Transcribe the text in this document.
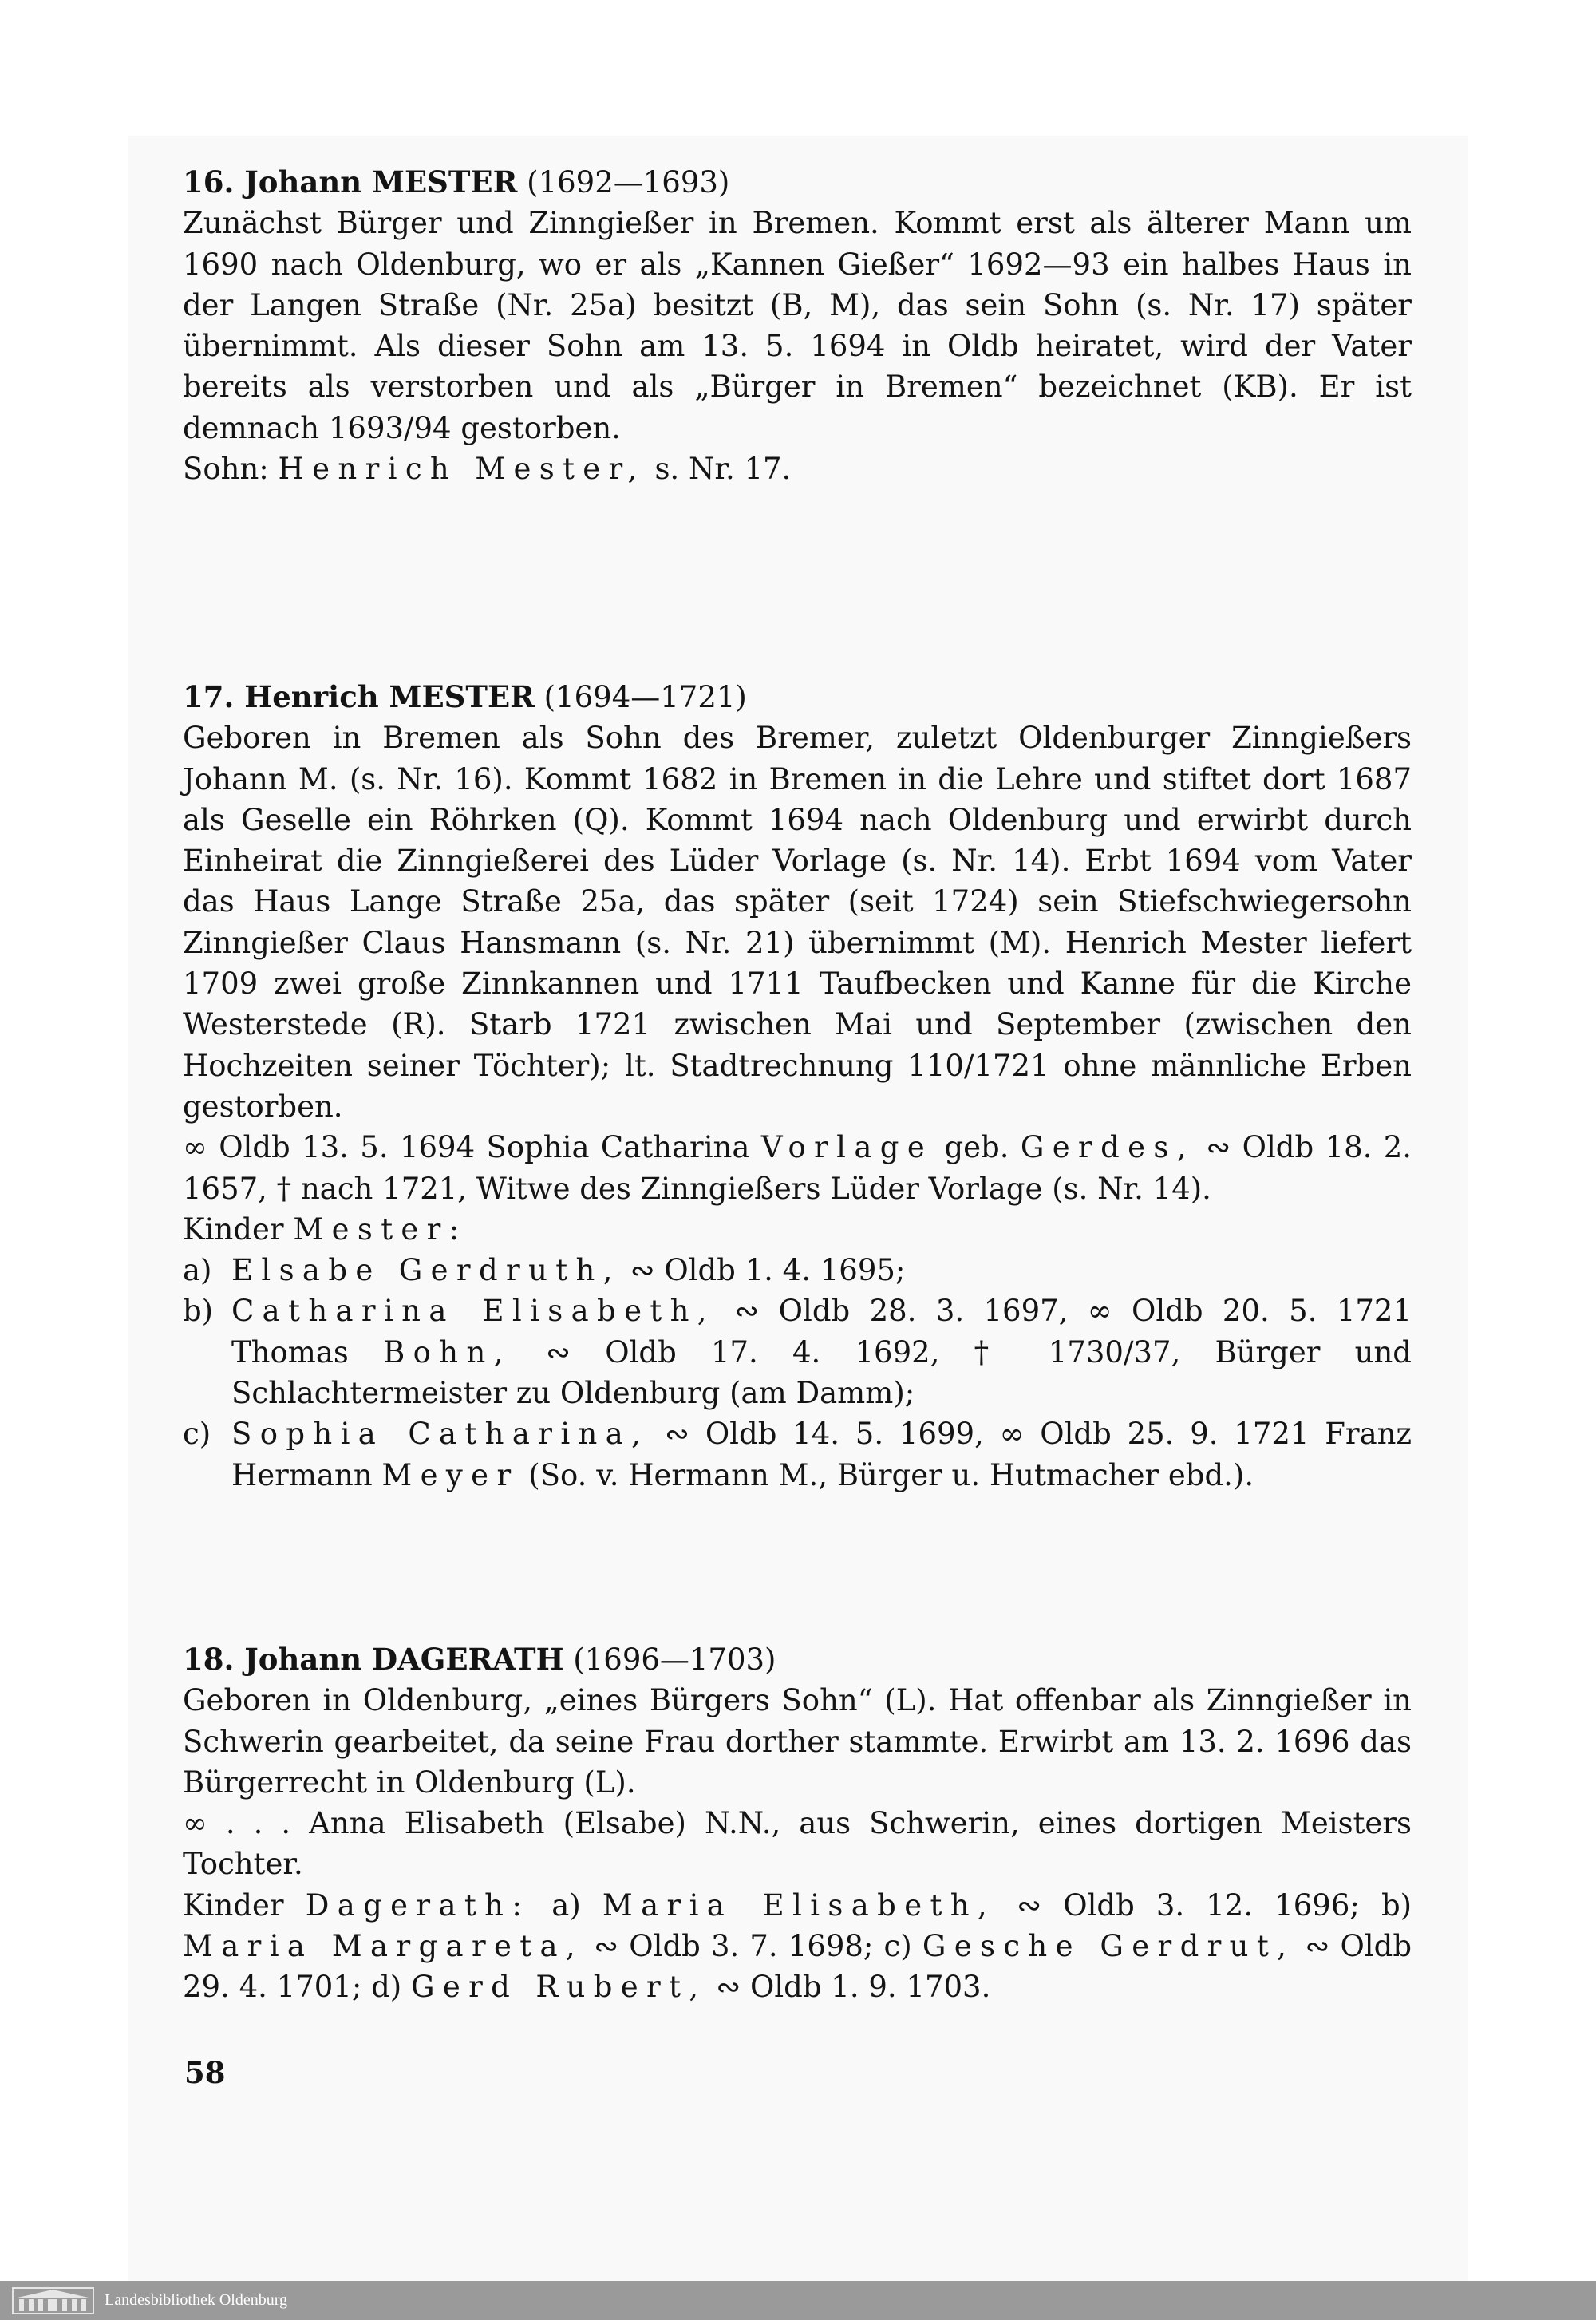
16. Johann MESTER (1692—1693)

Zunächst Bürger und Zinngießer in Bremen. Kommt erst als älterer Mann um 1690 nach Oldenburg, wo er als „Kannen Gießer“ 1692—93 ein halbes Haus in der Langen Straße (Nr. 25a) besitzt (B, M), das sein Sohn (s. Nr. 17) später übernimmt. Als dieser Sohn am 13. 5. 1694 in Oldb heiratet, wird der Vater bereits als verstorben und als „Bürger in Bremen“ bezeichnet (KB). Er ist demnach 1693/94 gestorben.

Sohn: Henrich Mester, s. Nr. 17.

17. Henrich MESTER (1694—1721)

Geboren in Bremen als Sohn des Bremer, zuletzt Oldenburger Zinngießers Johann M. (s. Nr. 16). Kommt 1682 in Bremen in die Lehre und stiftet dort 1687 als Geselle ein Röhrken (Q). Kommt 1694 nach Oldenburg und erwirbt durch Einheirat die Zinngießerei des Lüder Vorlage (s. Nr. 14). Erbt 1694 vom Vater das Haus Lange Straße 25a, das später (seit 1724) sein Stiefschwiegersohn Zinngießer Claus Hansmann (s. Nr. 21) übernimmt (M). Henrich Mester liefert 1709 zwei große Zinnkannen und 1711 Taufbecken und Kanne für die Kirche Westerstede (R). Starb 1721 zwischen Mai und September (zwischen den Hochzeiten seiner Töchter); lt. Stadtrechnung 110/1721 ohne männliche Erben gestorben.

∞ Oldb 13. 5. 1694 Sophia Catharina Vorlage geb. Gerdes, ∾ Oldb 18. 2. 1657, † nach 1721, Witwe des Zinngießers Lüder Vorlage (s. Nr. 14).

Kinder Mester:

a) Elsabe Gerdruth, ∾ Oldb 1. 4. 1695;
b) Catharina Elisabeth, ∾ Oldb 28. 3. 1697, ∞ Oldb 20. 5. 1721 Thomas Bohn, ∾ Oldb 17. 4. 1692, † 1730/37, Bürger und Schlachtermeister zu Oldenburg (am Damm);
c) Sophia Catharina, ∾ Oldb 14. 5. 1699, ∞ Oldb 25. 9. 1721 Franz Hermann Meyer (So. v. Hermann M., Bürger u. Hutmacher ebd.).
18. Johann DAGERATH (1696—1703)

Geboren in Oldenburg, „eines Bürgers Sohn“ (L). Hat offenbar als Zinngießer in Schwerin gearbeitet, da seine Frau dorther stammte. Erwirbt am 13. 2. 1696 das Bürgerrecht in Oldenburg (L).

∞ . . . Anna Elisabeth (Elsabe) N.N., aus Schwerin, eines dortigen Meisters Tochter.

Kinder Dagerath: a) Maria Elisabeth, ∾ Oldb 3. 12. 1696; b) Maria Margareta, ∾ Oldb 3. 7. 1698; c) Gesche Gerdrut, ∾ Oldb 29. 4. 1701; d) Gerd Rubert, ∾ Oldb 1. 9. 1703.

58
Landesbibliothek Oldenburg
